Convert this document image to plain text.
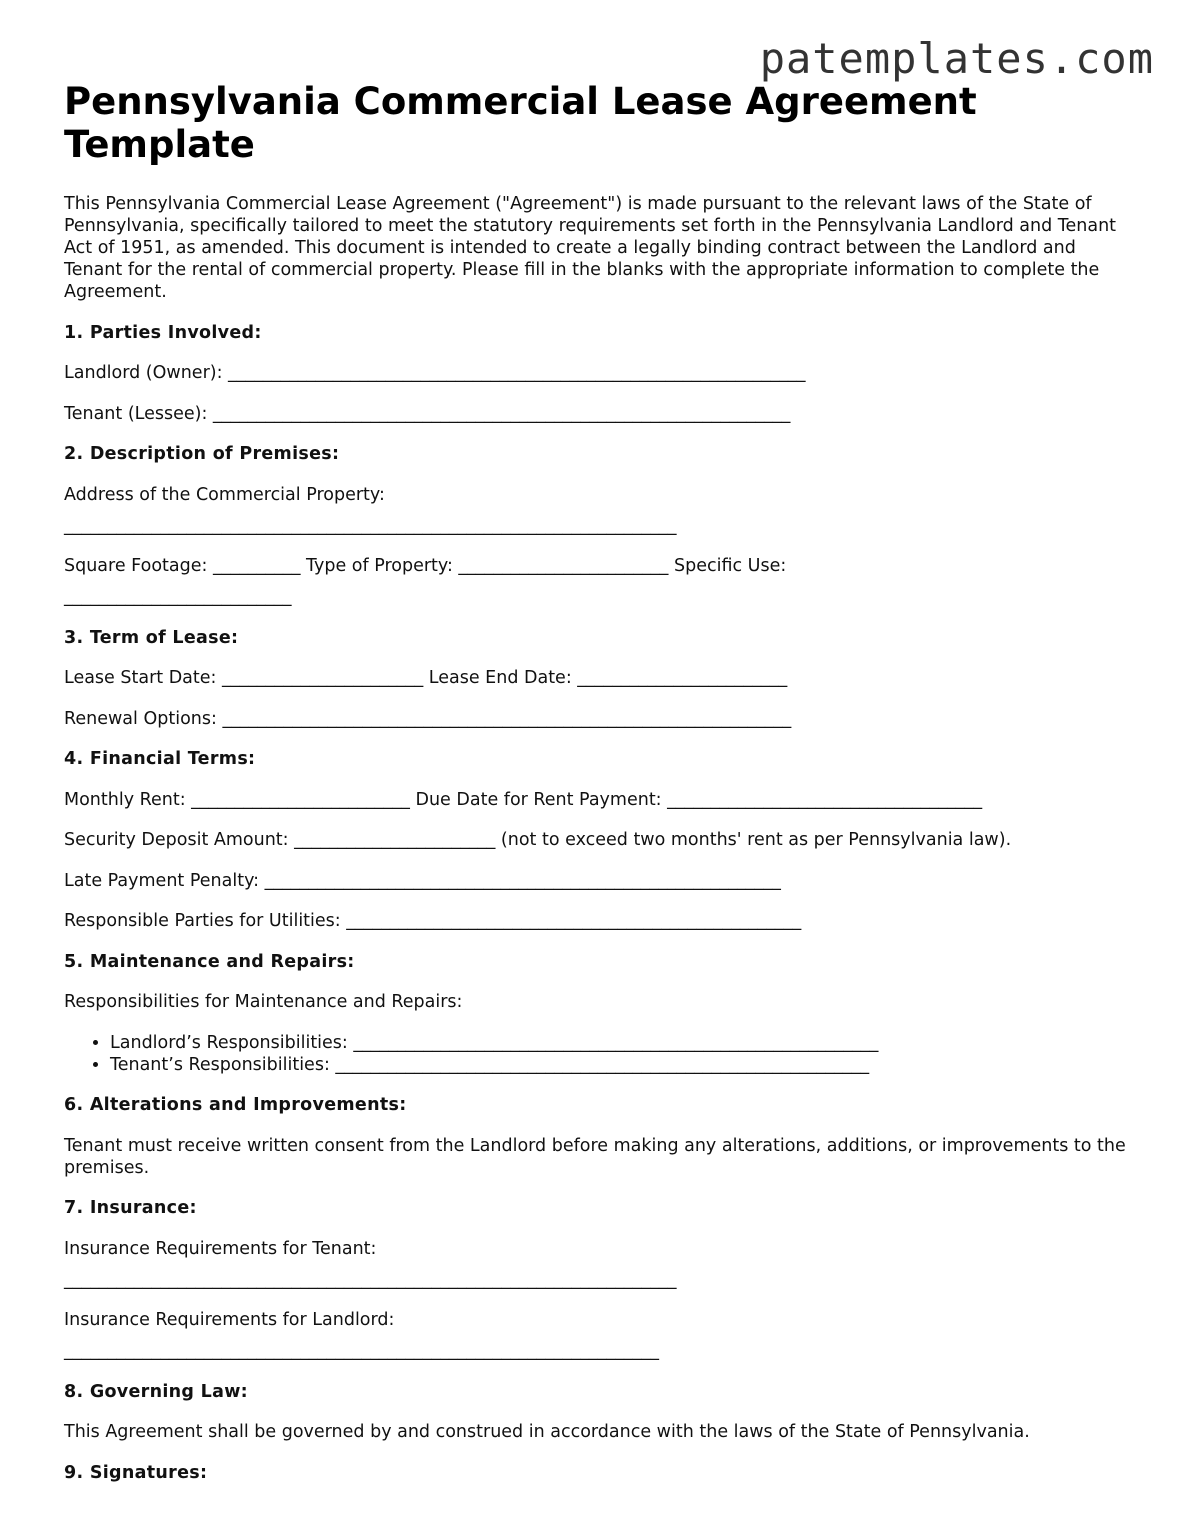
patemplates.com
Pennsylvania Commercial Lease Agreement Template

This Pennsylvania Commercial Lease Agreement ("Agreement") is made pursuant to the relevant laws of the State of Pennsylvania, specifically tailored to meet the statutory requirements set forth in the Pennsylvania Landlord and Tenant Act of 1951, as amended. This document is intended to create a legally binding contract between the Landlord and Tenant for the rental of commercial property. Please fill in the blanks with the appropriate information to complete the Agreement.

1. Parties Involved:

Landlord (Owner): __________________________________________________________________

Tenant (Lessee): __________________________________________________________________

2. Description of Premises:

Address of the Commercial Property:

______________________________________________________________________

Square Footage: __________ Type of Property: ________________________ Specific Use:

__________________________

3. Term of Lease:

Lease Start Date: _______________________ Lease End Date: ________________________

Renewal Options: _________________________________________________________________

4. Financial Terms:

Monthly Rent: _________________________ Due Date for Rent Payment: ____________________________________

Security Deposit Amount: _______________________ (not to exceed two months' rent as per Pennsylvania law).

Late Payment Penalty: ___________________________________________________________

Responsible Parties for Utilities: ____________________________________________________

5. Maintenance and Repairs:

Responsibilities for Maintenance and Repairs:

• Landlord’s Responsibilities: ____________________________________________________________
• Tenant’s Responsibilities: _____________________________________________________________
6. Alterations and Improvements:

Tenant must receive written consent from the Landlord before making any alterations, additions, or improvements to the premises.

7. Insurance:

Insurance Requirements for Tenant:

______________________________________________________________________

Insurance Requirements for Landlord:

____________________________________________________________________

8. Governing Law:

This Agreement shall be governed by and construed in accordance with the laws of the State of Pennsylvania.

9. Signatures:
